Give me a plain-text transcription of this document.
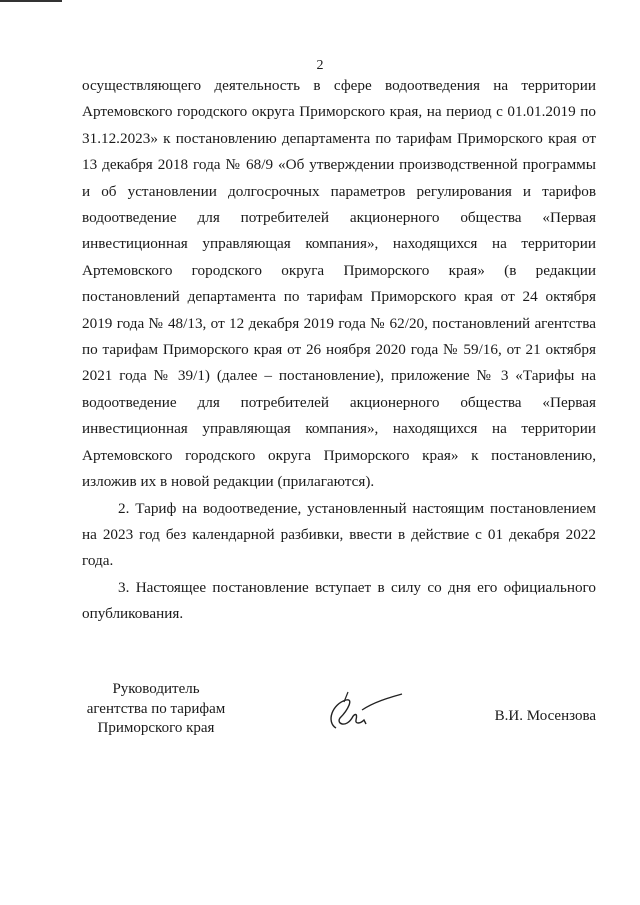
2

осуществляющего деятельность в сфере водоотведения на территории Артемовского городского округа Приморского края, на период с 01.01.2019 по 31.12.2023» к постановлению департамента по тарифам Приморского края от 13 декабря 2018 года № 68/9 «Об утверждении производственной программы и об установлении долгосрочных параметров регулирования и тарифов водоотведение для потребителей акционерного общества «Первая инвестиционная управляющая компания», находящихся на территории Артемовского городского округа Приморского края» (в редакции постановлений департамента по тарифам Приморского края от 24 октября 2019 года № 48/13, от 12 декабря 2019 года № 62/20, постановлений агентства по тарифам Приморского края от 26 ноября 2020 года № 59/16, от 21 октября 2021 года № 39/1) (далее – постановление), приложение № 3 «Тарифы на водоотведение для потребителей акционерного общества «Первая инвестиционная управляющая компания», находящихся на территории Артемовского городского округа Приморского края» к постановлению, изложив их в новой редакции (прилагаются).

2. Тариф на водоотведение, установленный настоящим постановлением на 2023 год без календарной разбивки, ввести в действие с 01 декабря 2022 года.

3. Настоящее постановление вступает в силу со дня его официального опубликования.

Руководитель
агентства по тарифам
Приморского края
В.И. Мосензова
